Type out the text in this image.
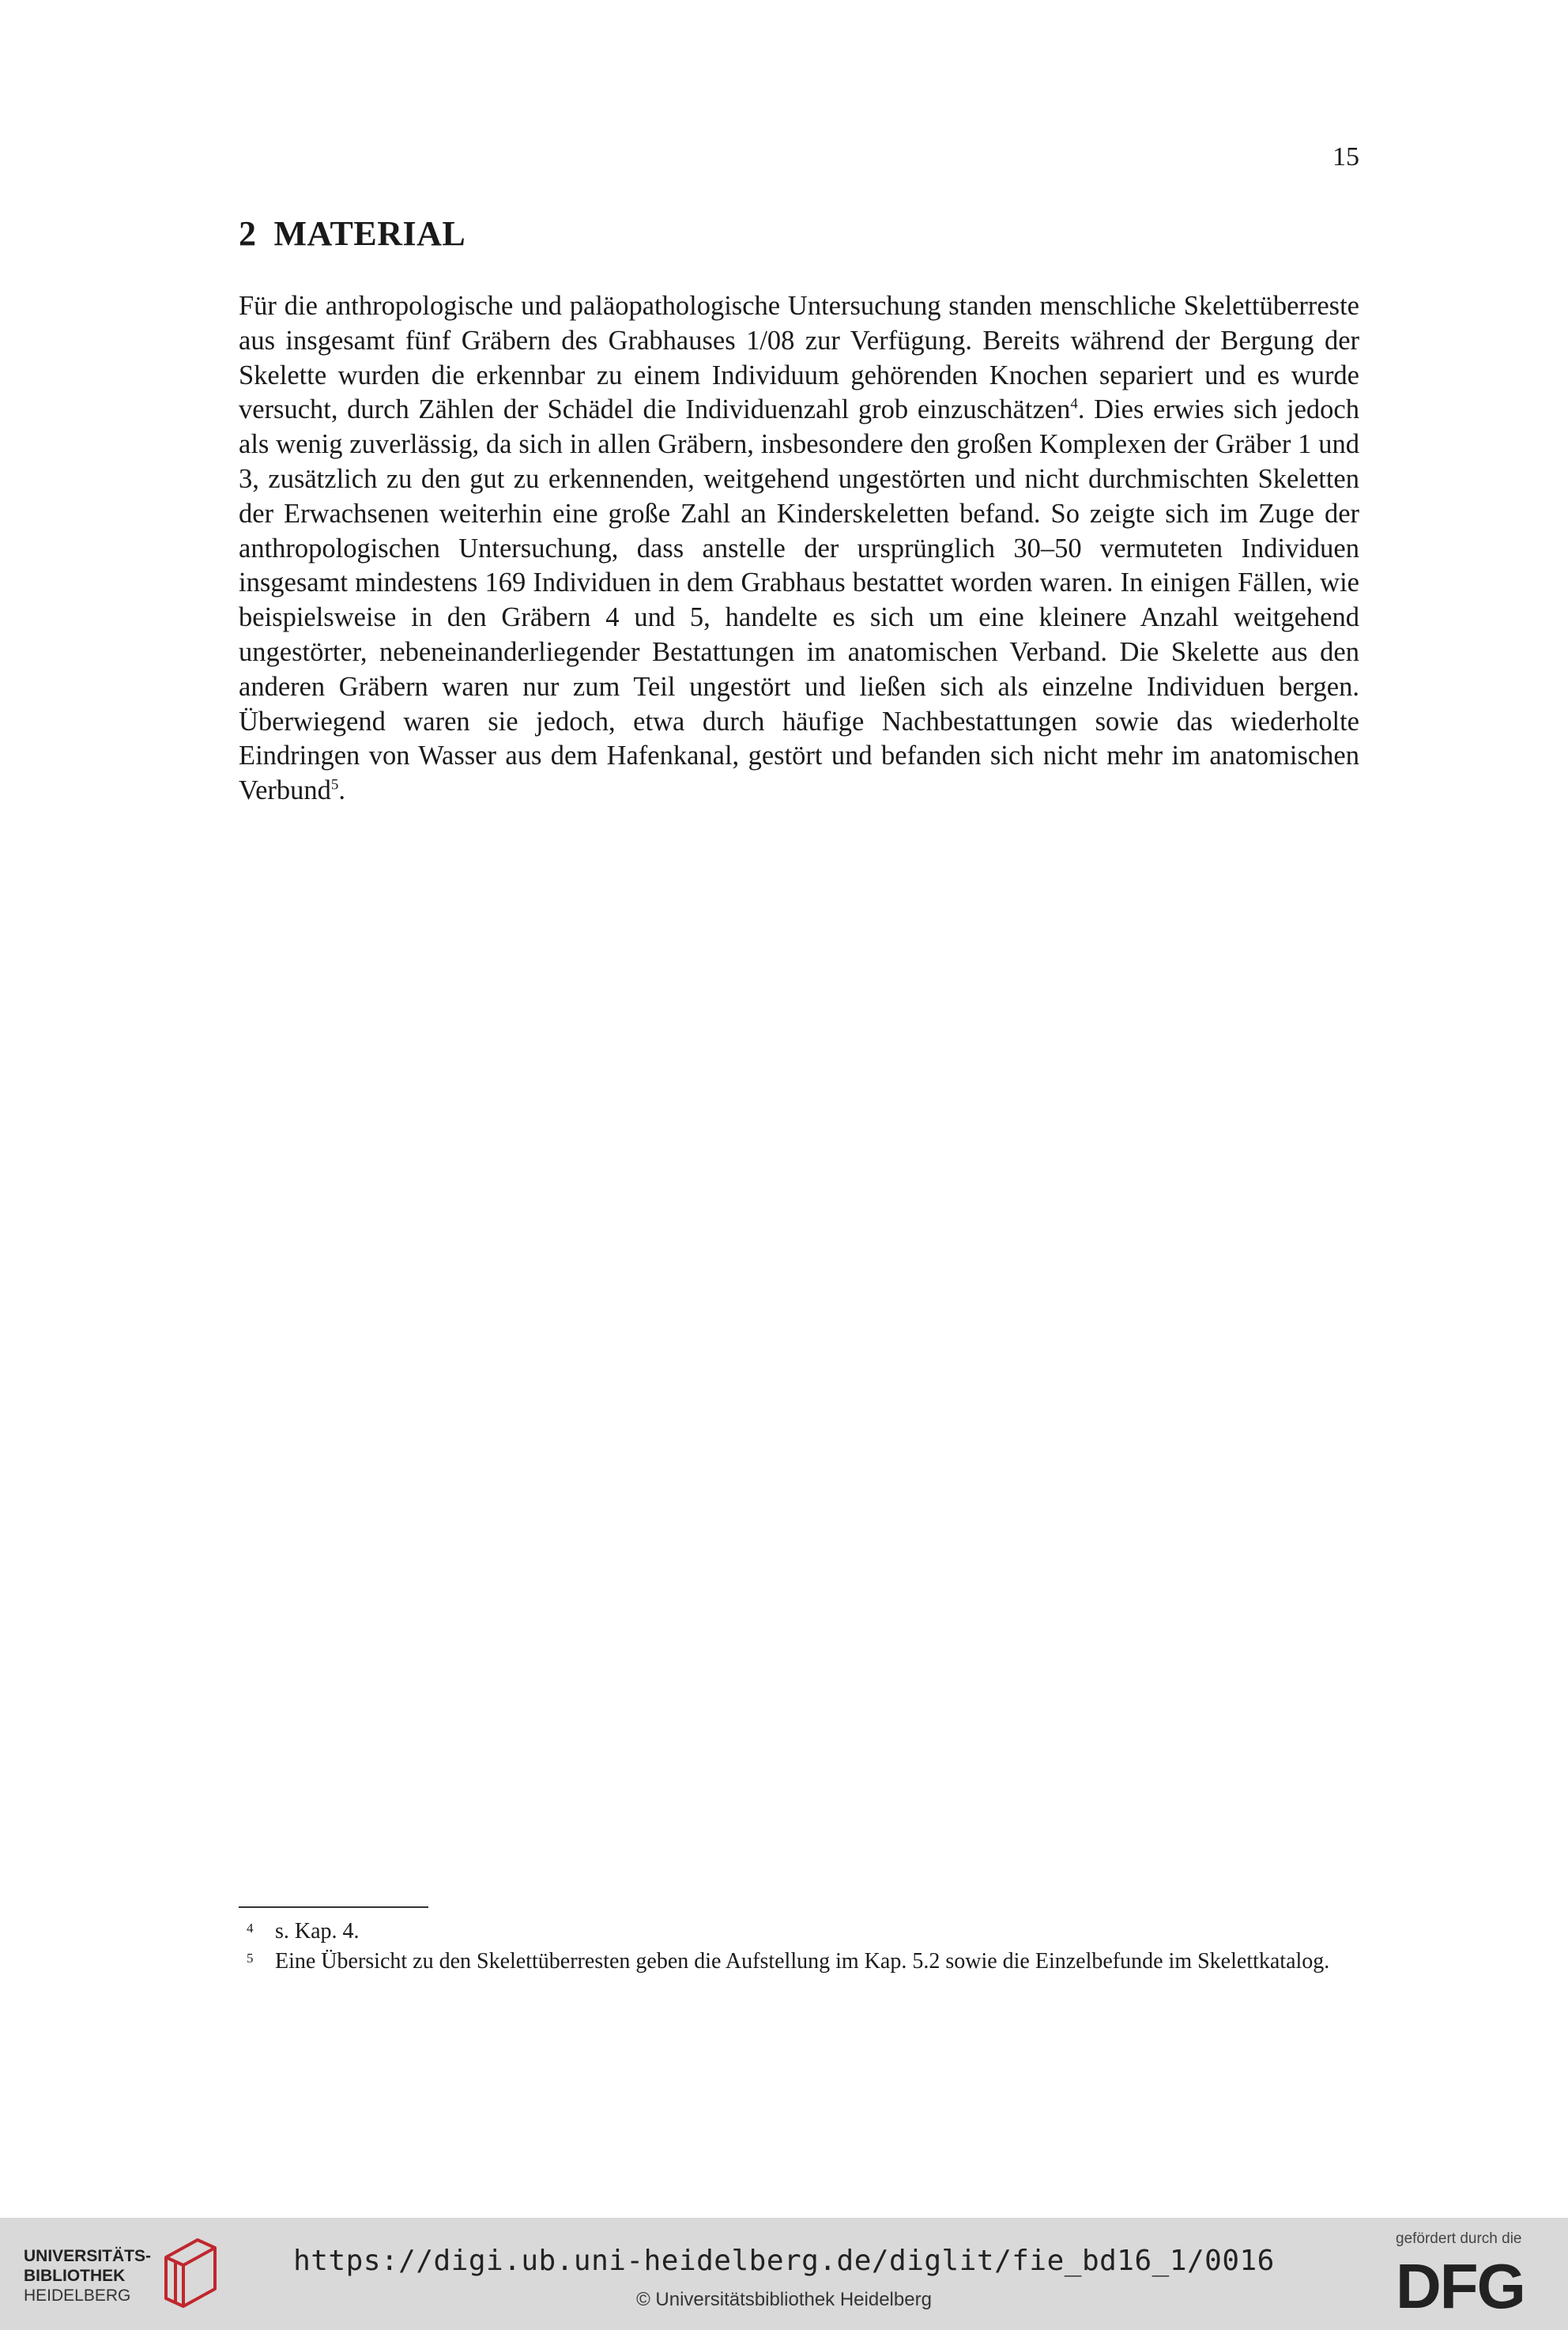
15
2 MATERIAL

Für die anthropologische und paläopathologische Untersuchung standen menschliche Skelettüberreste aus insgesamt fünf Gräbern des Grabhauses 1/08 zur Verfügung. Bereits während der Bergung der Skelette wurden die erkennbar zu einem Individuum gehörenden Knochen separiert und es wurde versucht, durch Zählen der Schädel die Individuenzahl grob einzuschätzen$^4$. Dies erwies sich jedoch als wenig zuverlässig, da sich in allen Gräbern, insbesondere den großen Komplexen der Gräber 1 und 3, zusätzlich zu den gut zu erkennenden, weitgehend ungestörten und nicht durchmischten Skeletten der Erwachsenen weiterhin eine große Zahl an Kinderskeletten befand. So zeigte sich im Zuge der anthropologischen Untersuchung, dass anstelle der ursprünglich 30–50 vermuteten Individuen insgesamt mindestens 169 Individuen in dem Grabhaus bestattet worden waren. In einigen Fällen, wie beispielsweise in den Gräbern 4 und 5, handelte es sich um eine kleinere Anzahl weitgehend ungestörter, nebeneinanderliegender Bestattungen im anatomischen Verband. Die Skelette aus den anderen Gräbern waren nur zum Teil ungestört und ließen sich als einzelne Individuen bergen. Überwiegend waren sie jedoch, etwa durch häufige Nachbestattungen sowie das wiederholte Eindringen von Wasser aus dem Hafenkanal, gestört und befanden sich nicht mehr im anatomischen Verbund$^5$.

4 s. Kap. 4.

5 Eine Übersicht zu den Skelettüberresten geben die Aufstellung im Kap. 5.2 sowie die Einzelbefunde im Skelettkatalog.

UNIVERSITÄTS-
BIBLIOTHEK
HEIDELBERG
https://digi.ub.uni-heidelberg.de/diglit/fie_bd16_1/0016
© Universitätsbibliothek Heidelberg
gefördert durch die
DFG
